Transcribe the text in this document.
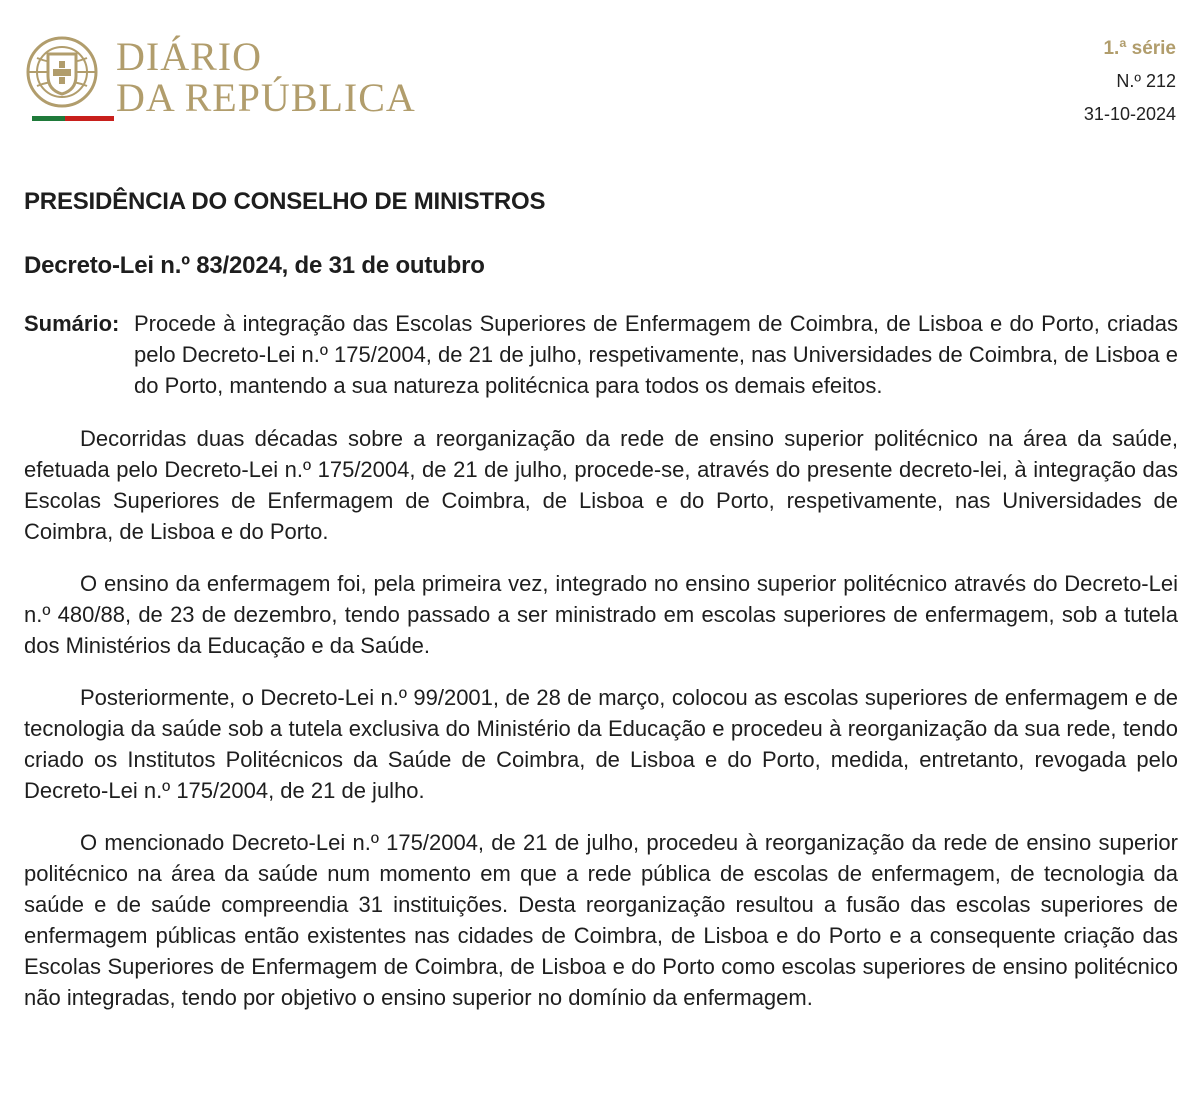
DIÁRIO
DA REPÚBLICA
1.ª série
N.º 212
31-10-2024
PRESIDÊNCIA DO CONSELHO DE MINISTROS
Decreto-Lei n.º 83/2024, de 31 de outubro
Sumário: Procede à integração das Escolas Superiores de Enfermagem de Coimbra, de Lisboa e do Porto, criadas pelo Decreto-Lei n.º 175/2004, de 21 de julho, respetivamente, nas Universidades de Coimbra, de Lisboa e do Porto, mantendo a sua natureza politécnica para todos os demais efeitos.

Decorridas duas décadas sobre a reorganização da rede de ensino superior politécnico na área da saúde, efetuada pelo Decreto-Lei n.º 175/2004, de 21 de julho, procede-se, através do presente decreto-lei, à integração das Escolas Superiores de Enfermagem de Coimbra, de Lisboa e do Porto, respetivamente, nas Universidades de Coimbra, de Lisboa e do Porto.

O ensino da enfermagem foi, pela primeira vez, integrado no ensino superior politécnico através do Decreto-Lei n.º 480/88, de 23 de dezembro, tendo passado a ser ministrado em escolas superiores de enfermagem, sob a tutela dos Ministérios da Educação e da Saúde.

Posteriormente, o Decreto-Lei n.º 99/2001, de 28 de março, colocou as escolas superiores de enfermagem e de tecnologia da saúde sob a tutela exclusiva do Ministério da Educação e procedeu à reorganização da sua rede, tendo criado os Institutos Politécnicos da Saúde de Coimbra, de Lisboa e do Porto, medida, entretanto, revogada pelo Decreto-Lei n.º 175/2004, de 21 de julho.

O mencionado Decreto-Lei n.º 175/2004, de 21 de julho, procedeu à reorganização da rede de ensino superior politécnico na área da saúde num momento em que a rede pública de escolas de enfermagem, de tecnologia da saúde e de saúde compreendia 31 instituições. Desta reorganização resultou a fusão das escolas superiores de enfermagem públicas então existentes nas cidades de Coimbra, de Lisboa e do Porto e a consequente criação das Escolas Superiores de Enfermagem de Coimbra, de Lisboa e do Porto como escolas superiores de ensino politécnico não integradas, tendo por objetivo o ensino superior no domínio da enfermagem.
